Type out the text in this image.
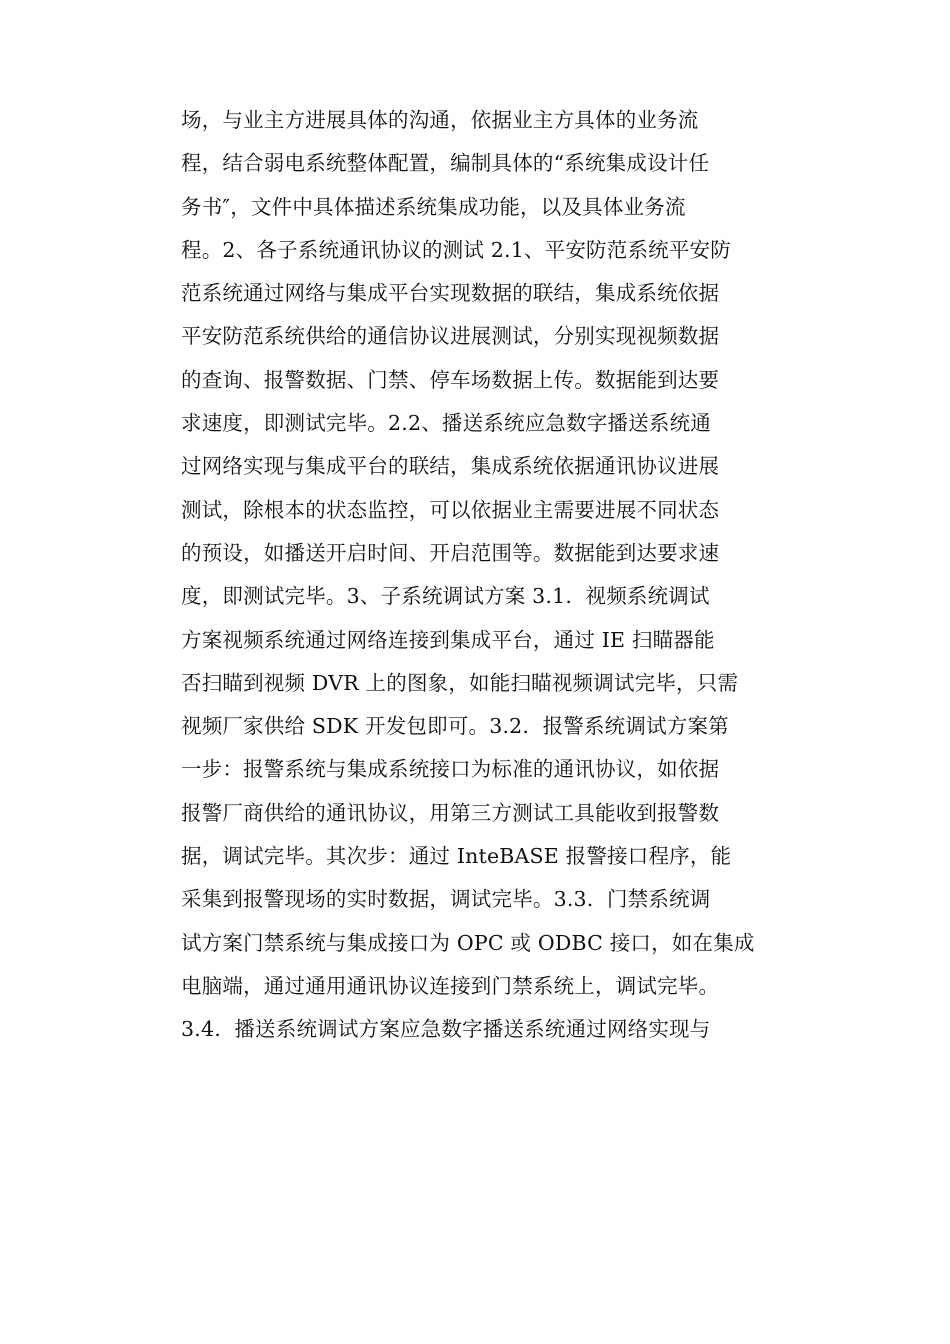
场，与业主方进展具体的沟通，依据业主方具体的业务流
程，结合弱电系统整体配置，编制具体的“系统集成设计任
务书″，文件中具体描述系统集成功能，以及具体业务流
程。2、各子系统通讯协议的测试 2.1、平安防范系统平安防
范系统通过网络与集成平台实现数据的联结，集成系统依据
平安防范系统供给的通信协议进展测试，分别实现视频数据
的查询、报警数据、门禁、停车场数据上传。数据能到达要
求速度，即测试完毕。2.2、播送系统应急数字播送系统通
过网络实现与集成平台的联结，集成系统依据通讯协议进展
测试，除根本的状态监控，可以依据业主需要进展不同状态
的预设，如播送开启时间、开启范围等。数据能到达要求速
度，即测试完毕。3、子系统调试方案 3.1.  视频系统调试
方案视频系统通过网络连接到集成平台，通过 IE 扫瞄器能
否扫瞄到视频 DVR 上的图象，如能扫瞄视频调试完毕，只需
视频厂家供给 SDK 开发包即可。3.2.  报警系统调试方案第
一步：报警系统与集成系统接口为标准的通讯协议，如依据
报警厂商供给的通讯协议，用第三方测试工具能收到报警数
据，调试完毕。其次步：通过 InteBASE 报警接口程序，能
采集到报警现场的实时数据，调试完毕。3.3.  门禁系统调
试方案门禁系统与集成接口为 OPC 或 ODBC 接口，如在集成
电脑端，通过通用通讯协议连接到门禁系统上，调试完毕。
3.4.  播送系统调试方案应急数字播送系统通过网络实现与
